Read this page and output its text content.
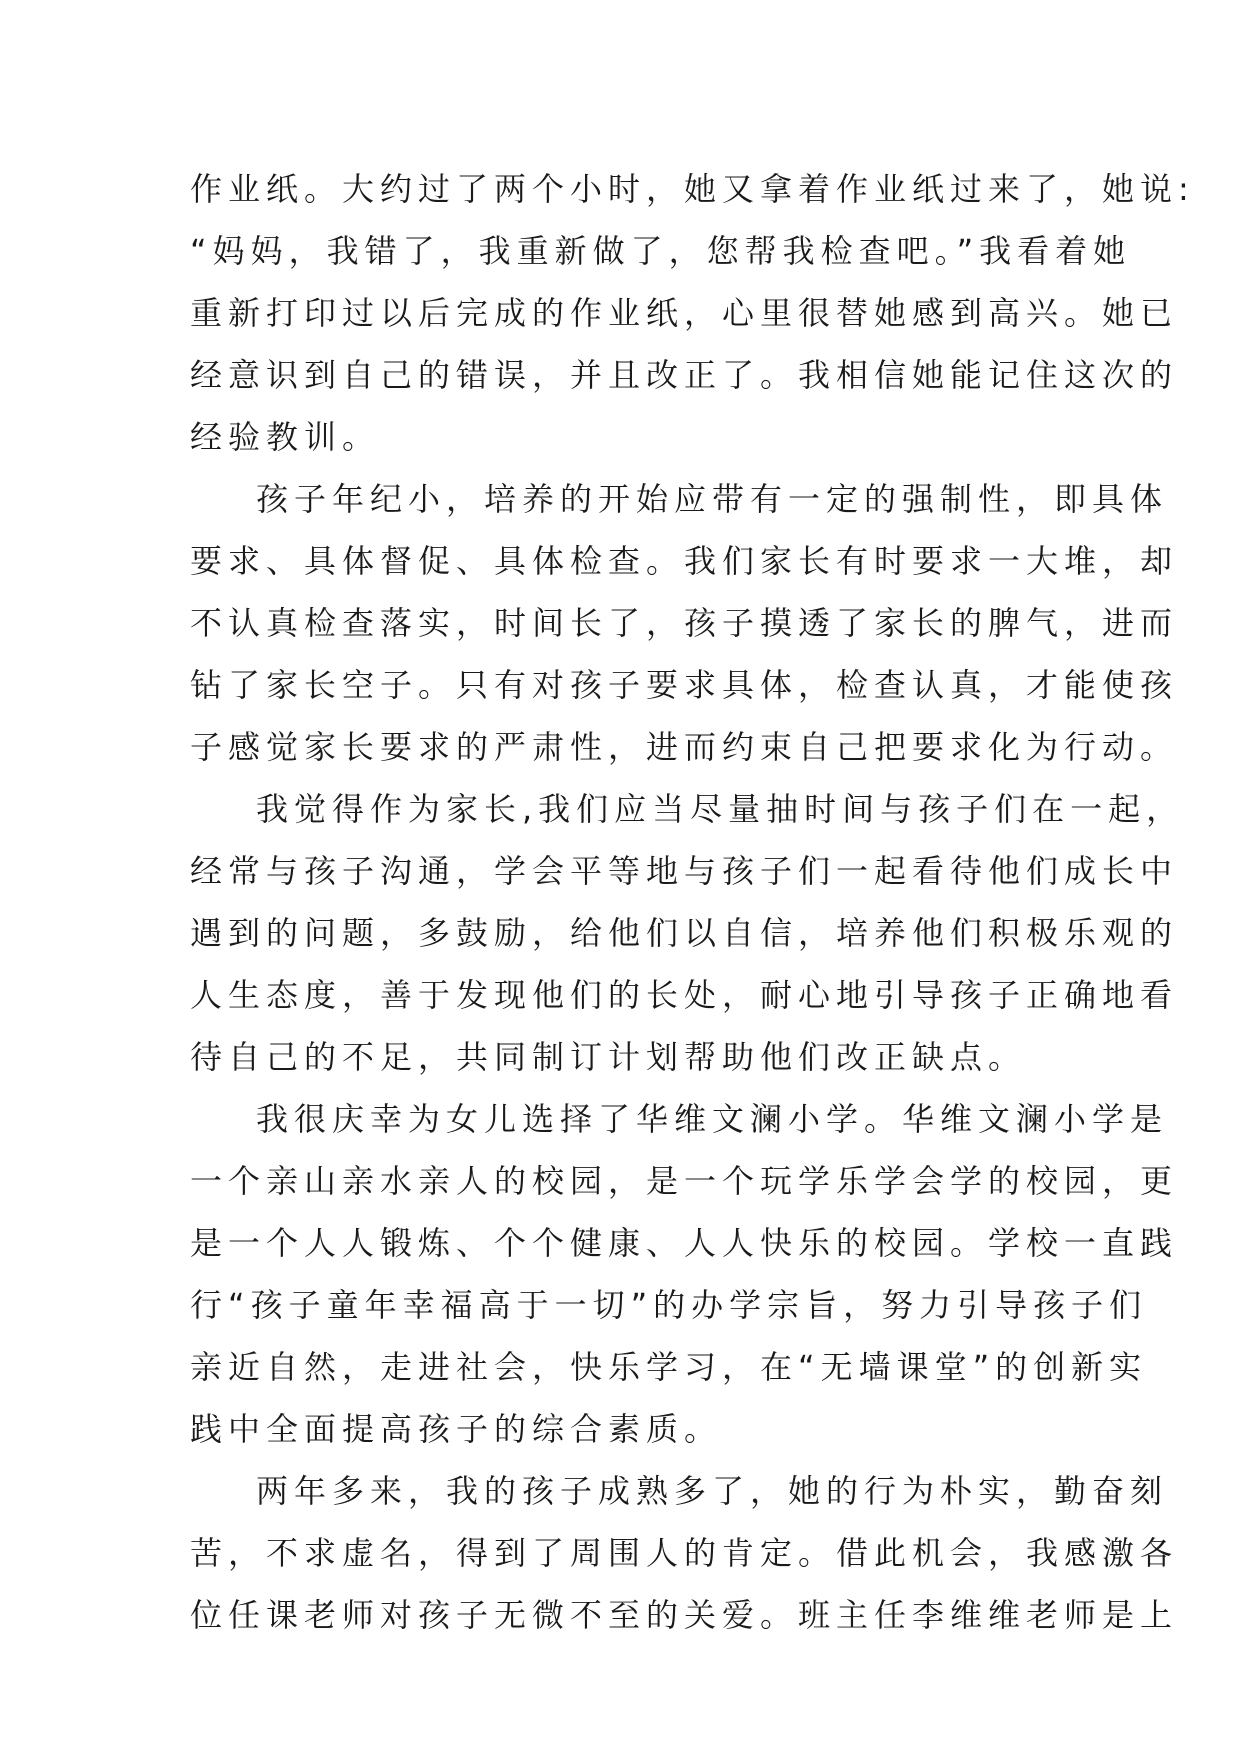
作业纸。大约过了两个小时，她又拿着作业纸过来了，她说:
“妈妈，我错了，我重新做了，您帮我检查吧。”我看着她
重新打印过以后完成的作业纸，心里很替她感到高兴。她已
经意识到自己的错误，并且改正了。我相信她能记住这次的
经验教训。
孩子年纪小，培养的开始应带有一定的强制性，即具体
要求、具体督促、具体检查。我们家长有时要求一大堆，却
不认真检查落实，时间长了，孩子摸透了家长的脾气，进而
钻了家长空子。只有对孩子要求具体，检查认真，才能使孩
子感觉家长要求的严肃性，进而约束自己把要求化为行动。
我觉得作为家长,我们应当尽量抽时间与孩子们在一起，
经常与孩子沟通，学会平等地与孩子们一起看待他们成长中
遇到的问题，多鼓励，给他们以自信，培养他们积极乐观的
人生态度，善于发现他们的长处，耐心地引导孩子正确地看
待自己的不足，共同制订计划帮助他们改正缺点。
我很庆幸为女儿选择了华维文澜小学。华维文澜小学是
一个亲山亲水亲人的校园，是一个玩学乐学会学的校园，更
是一个人人锻炼、个个健康、人人快乐的校园。学校一直践
行“孩子童年幸福高于一切”的办学宗旨，努力引导孩子们
亲近自然，走进社会，快乐学习，在“无墙课堂”的创新实
践中全面提高孩子的综合素质。
两年多来，我的孩子成熟多了，她的行为朴实，勤奋刻
苦，不求虚名，得到了周围人的肯定。借此机会，我感激各
位任课老师对孩子无微不至的关爱。班主任李维维老师是上
